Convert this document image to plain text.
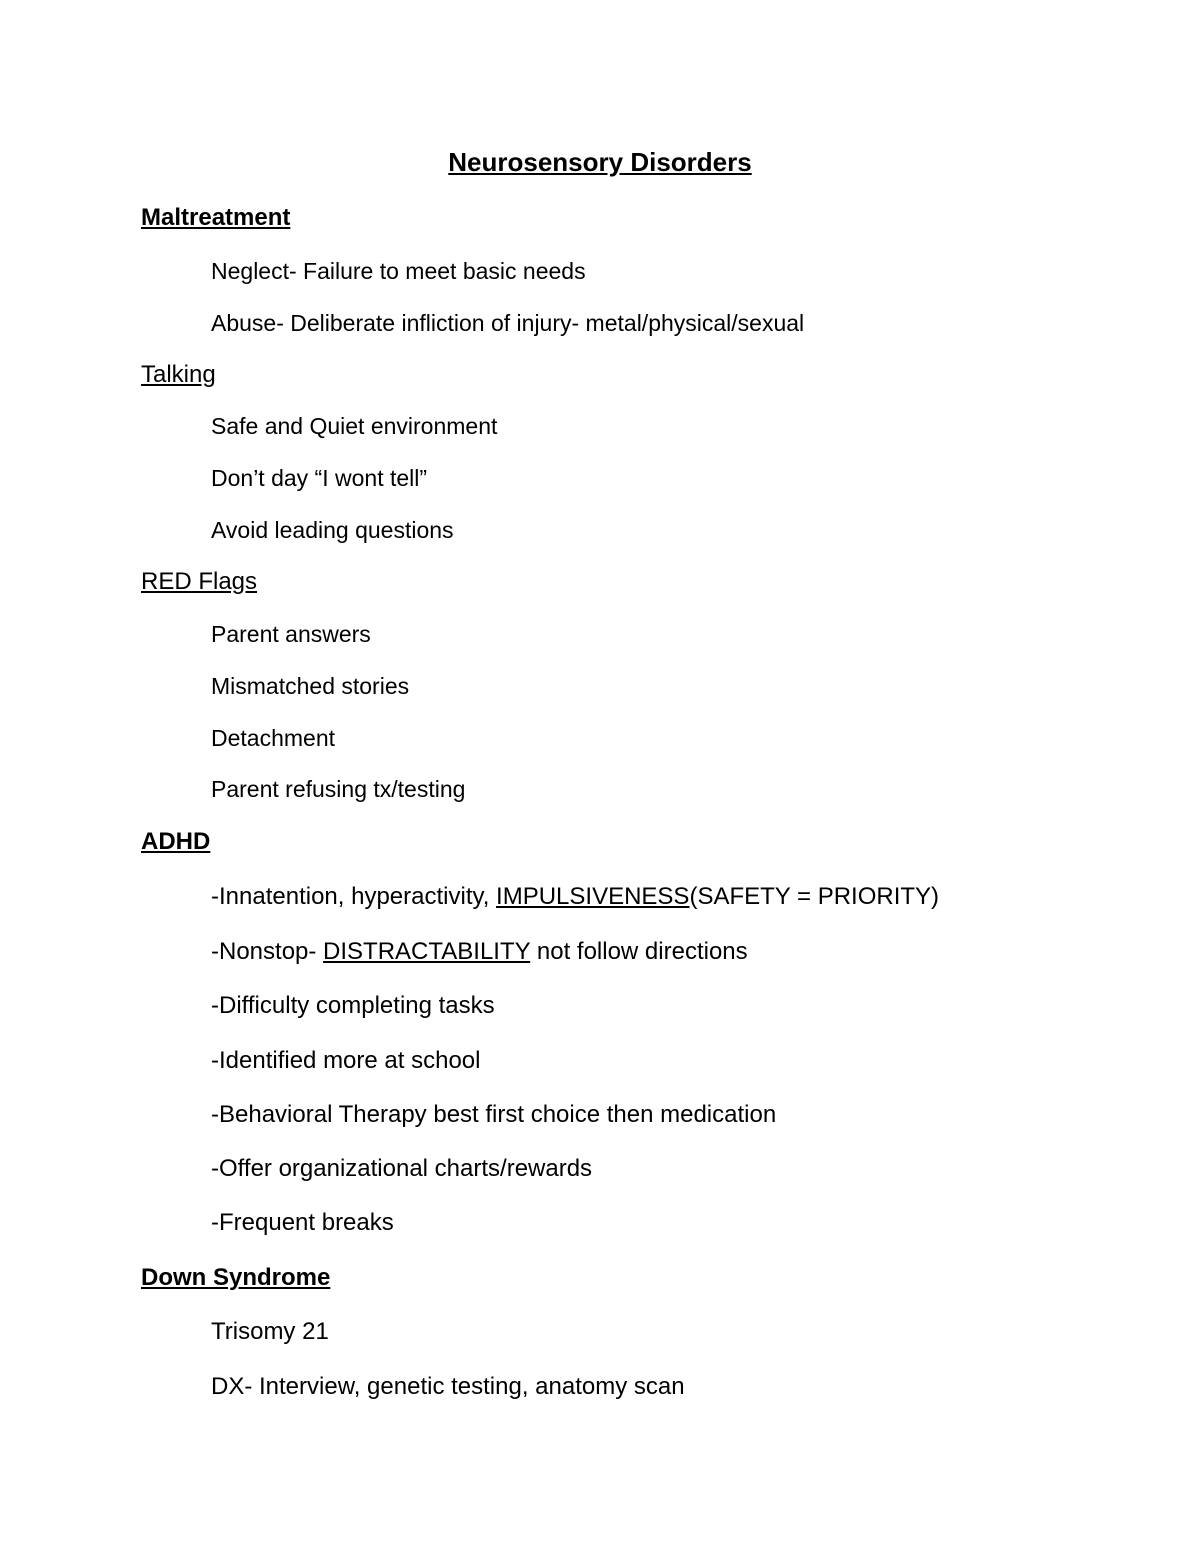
Neurosensory Disorders
Maltreatment
Neglect- Failure to meet basic needs
Abuse- Deliberate infliction of injury- metal/physical/sexual
Talking
Safe and Quiet environment
Don’t day “I wont tell”
Avoid leading questions
RED Flags
Parent answers
Mismatched stories
Detachment
Parent refusing tx/testing
ADHD
-Innatention, hyperactivity, IMPULSIVENESS(SAFETY = PRIORITY)
-Nonstop- DISTRACTABILITY not follow directions
-Difficulty completing tasks
-Identified more at school
-Behavioral Therapy best first choice then medication
-Offer organizational charts/rewards
-Frequent breaks
Down Syndrome
Trisomy 21
DX- Interview, genetic testing, anatomy scan
